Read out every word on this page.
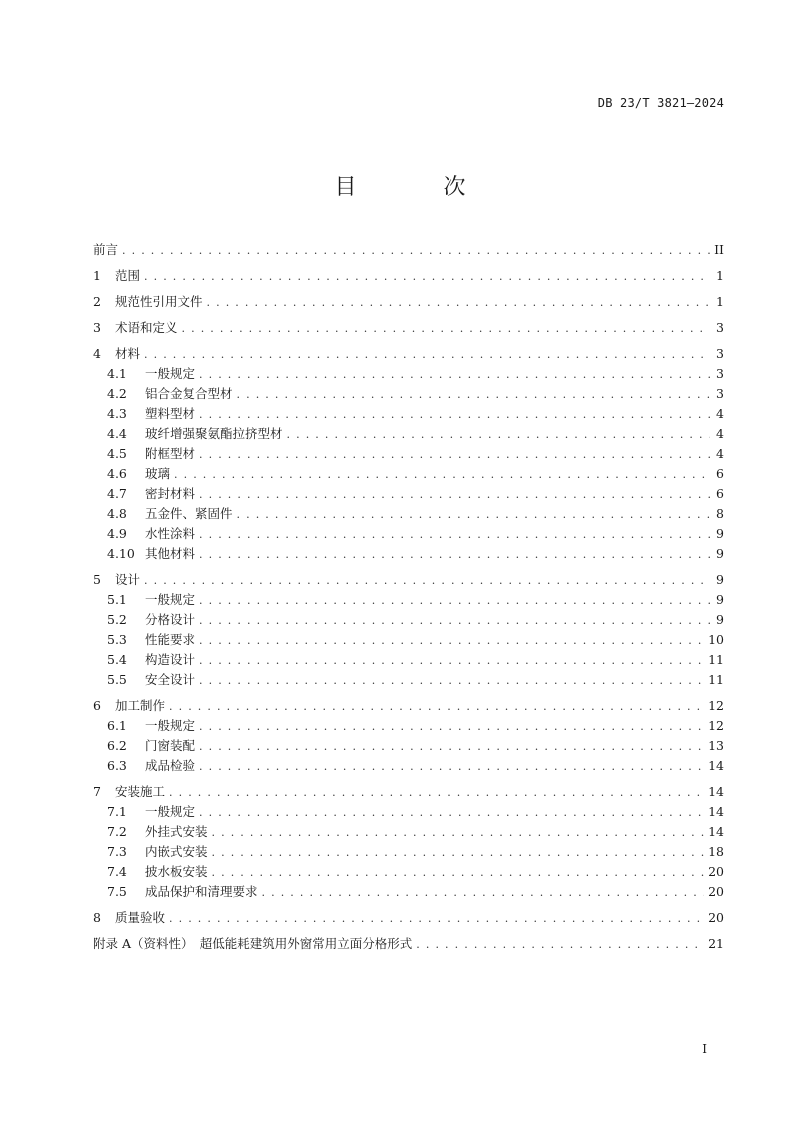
DB 23/T 3821—2024
目 次
前言 . . .	II
1	范围 . . .	1
2	规范性引用文件 . . .	1
3	术语和定义 . . .	3
4	材料 . . .	3
4.1	一般规定 . . .	3
4.2	铝合金复合型材 . . .	3
4.3	塑料型材 . . .	4
4.4	玻纤增强聚氨酯拉挤型材 . . .	4
4.5	附框型材 . . .	4
4.6	玻璃 . . .	6
4.7	密封材料 . . .	6
4.8	五金件、紧固件 . . .	8
4.9	水性涂料 . . .	9
4.10 其他材料 . . .	9
5	设计 . . .	9
5.1	一般规定 . . .	9
5.2	分格设计 . . .	9
5.3	性能要求 . . .	10
5.4	构造设计 . . .	11
5.5	安全设计 . . .	11
6	加工制作 . . .	12
6.1	一般规定 . . .	12
6.2	门窗装配 . . .	13
6.3	成品检验 . . .	14
7	安装施工 . . .	14
7.1	一般规定 . . .	14
7.2	外挂式安装 . . .	14
7.3	内嵌式安装 . . .	18
7.4	披水板安装 . . .	20
7.5	成品保护和清理要求 . . .	20
8	质量验收 . . .	20
附录 A（资料性）　超低能耗建筑用外窗常用立面分格形式 . . .	21
I
